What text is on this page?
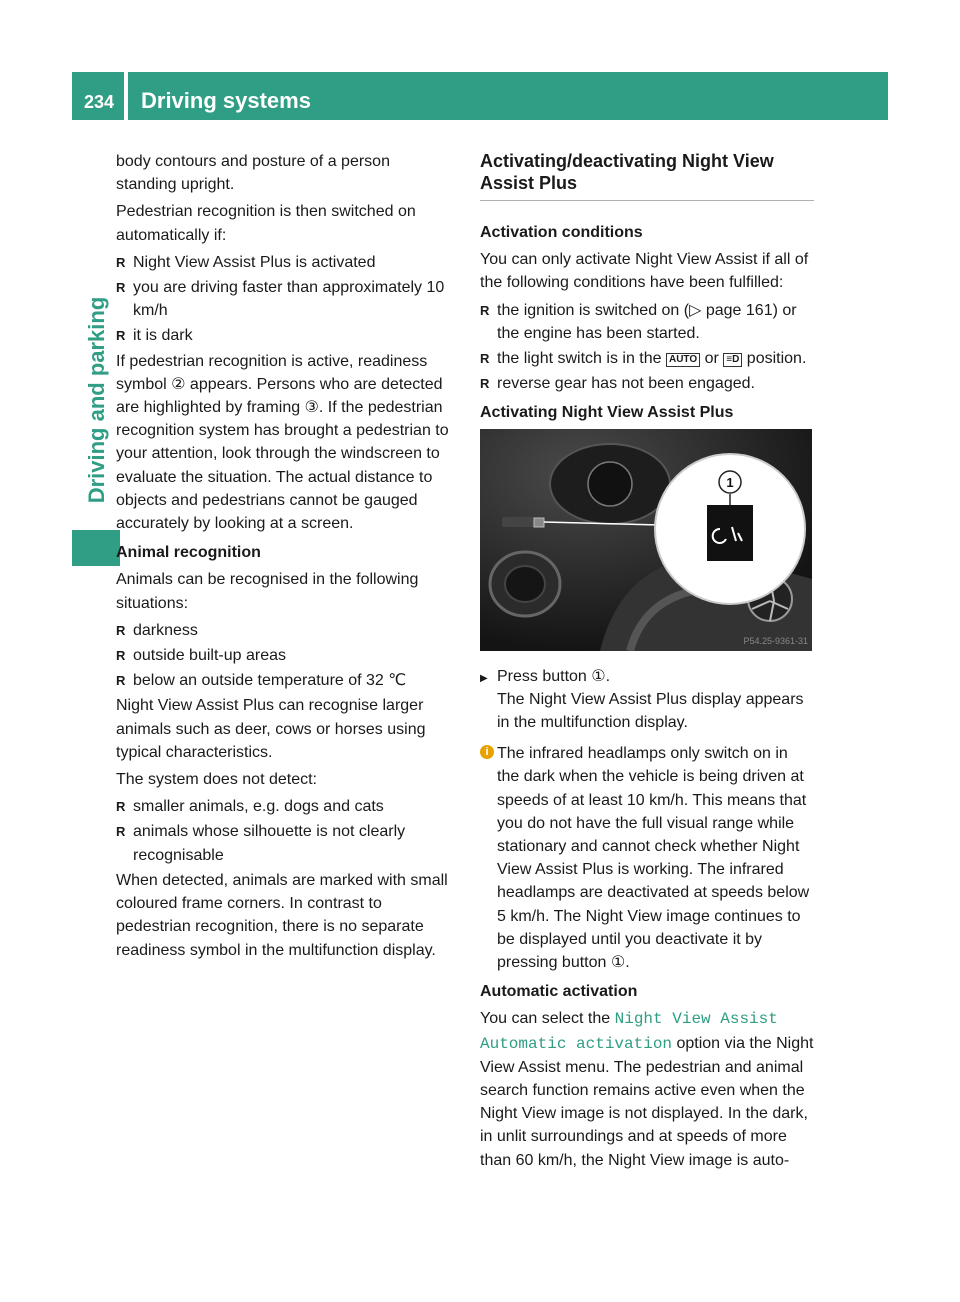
234 Driving systems
Driving and parking

body contours and posture of a person standing upright.

Pedestrian recognition is then switched on automatically if:

R Night View Assist Plus is activated
R you are driving faster than approximately 10 km/h
R it is dark

If pedestrian recognition is active, readiness symbol ② appears. Persons who are detected are highlighted by framing ③. If the pedestrian recognition system has brought a pedestrian to your attention, look through the windscreen to evaluate the situation. The actual distance to objects and pedestrians cannot be gauged accurately by looking at a screen.

Animal recognition

Animals can be recognised in the following situations:

R darkness
R outside built-up areas
R below an outside temperature of 32 ℃

Night View Assist Plus can recognise larger animals such as deer, cows or horses using typical characteristics.

The system does not detect:

R smaller animals, e.g. dogs and cats
R animals whose silhouette is not clearly recognisable

When detected, animals are marked with small coloured frame corners. In contrast to pedestrian recognition, there is no separate readiness symbol in the multifunction display.

Activating/deactivating Night View Assist Plus
Activation conditions

You can only activate Night View Assist if all of the following conditions have been fulfilled:

R the ignition is switched on (▷ page 161) or the engine has been started.
R the light switch is in the AUTO or ≡D position.
R reverse gear has not been engaged.
Activating Night View Assist Plus
1
P54.25-9361-31
▶ Press button ①.
The Night View Assist Plus display appears in the multifunction display.
i The infrared headlamps only switch on in the dark when the vehicle is being driven at speeds of at least 10 km/h. This means that you do not have the full visual range while stationary and cannot check whether Night View Assist Plus is working. The infrared headlamps are deactivated at speeds below 5 km/h. The Night View image continues to be displayed until you deactivate it by pressing button ①.
Automatic activation

You can select the Night View Assist Automatic activation option via the Night View Assist menu. The pedestrian and animal search function remains active even when the Night View image is not displayed. In the dark, in unlit surroundings and at speeds of more than 60 km/h, the Night View image is auto-
